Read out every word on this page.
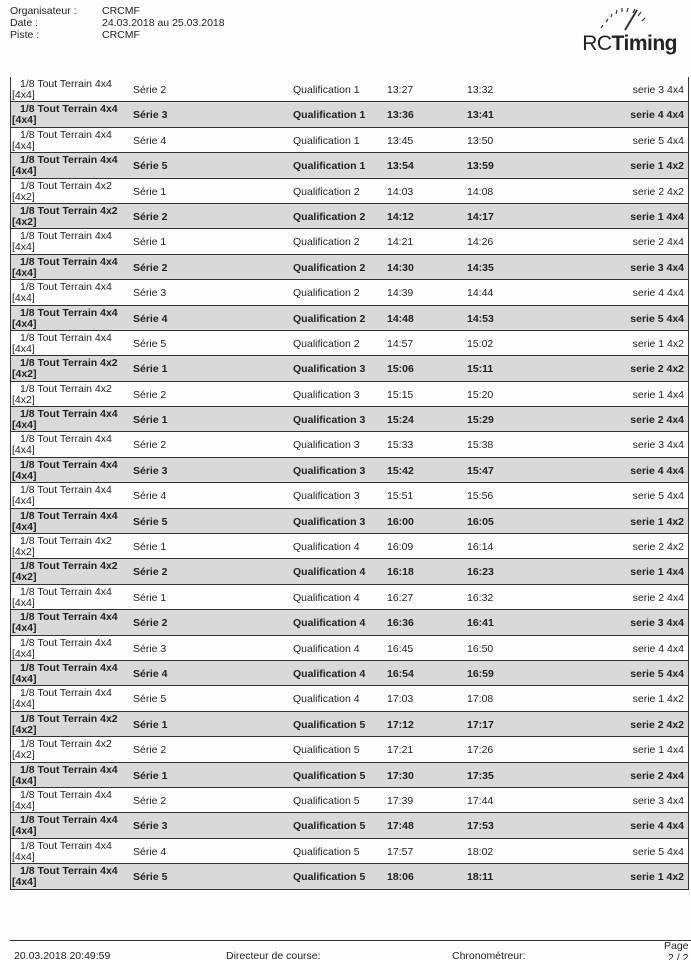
Organisateur :	CRCMF
Date :	24.03.2018 au 25.03.2018
Piste :	CRCMF	RCTiming
1/8 Tout Terrain 4x4
[4x4]	Série 2	Qualification 1	13:27	13:32	serie 3 4x4
1/8 Tout Terrain 4x4
[4x4]	Série 3	Qualification 1 13:36	13:41	serie 4 4x4
1/8 Tout Terrain 4x4
[4x4]	Série 4	Qualification 1	13:45	13:50	serie 5 4x4
1/8 Tout Terrain 4x4
[4x4]	Série 5	Qualification 1 13:54	13:59	serie 1 4x2
1/8 Tout Terrain 4x2
[4x2]	Série 1	Qualification 2	14:03	14:08	serie 2 4x2
1/8 Tout Terrain 4x2
[4x2]	Série 2	Qualification 2 14:12	14:17	serie 1 4x4
1/8 Tout Terrain 4x4
[4x4]	Série 1	Qualification 2	14:21	14:26	serie 2 4x4
1/8 Tout Terrain 4x4
[4x4]	Série 2	Qualification 2 14:30	14:35	serie 3 4x4
1/8 Tout Terrain 4x4
[4x4]	Série 3	Qualification 2	14:39	14:44	serie 4 4x4
1/8 Tout Terrain 4x4
[4x4]	Série 4	Qualification 2 14:48	14:53	serie 5 4x4
1/8 Tout Terrain 4x4
[4x4]	Série 5	Qualification 2	14:57	15:02	serie 1 4x2
1/8 Tout Terrain 4x2
[4x2]	Série 1	Qualification 3 15:06	15:11	serie 2 4x2
1/8 Tout Terrain 4x2
[4x2]	Série 2	Qualification 3	15:15	15:20	serie 1 4x4
1/8 Tout Terrain 4x4
[4x4]	Série 1	Qualification 3 15:24	15:29	serie 2 4x4
1/8 Tout Terrain 4x4
[4x4]	Série 2	Qualification 3	15:33	15:38	serie 3 4x4
1/8 Tout Terrain 4x4
[4x4]	Série 3	Qualification 3 15:42	15:47	serie 4 4x4
1/8 Tout Terrain 4x4
[4x4]	Série 4	Qualification 3	15:51	15:56	serie 5 4x4
1/8 Tout Terrain 4x4
[4x4]	Série 5	Qualification 3 16:00	16:05	serie 1 4x2
1/8 Tout Terrain 4x2
[4x2]	Série 1	Qualification 4	16:09	16:14	serie 2 4x2
1/8 Tout Terrain 4x2
[4x2]	Série 2	Qualification 4 16:18	16:23	serie 1 4x4
1/8 Tout Terrain 4x4
[4x4]	Série 1	Qualification 4	16:27	16:32	serie 2 4x4
1/8 Tout Terrain 4x4
[4x4]	Série 2	Qualification 4 16:36	16:41	serie 3 4x4
1/8 Tout Terrain 4x4
[4x4]	Série 3	Qualification 4	16:45	16:50	serie 4 4x4
1/8 Tout Terrain 4x4
[4x4]	Série 4	Qualification 4 16:54	16:59	serie 5 4x4
1/8 Tout Terrain 4x4
[4x4]	Série 5	Qualification 4	17:03	17:08	serie 1 4x2
1/8 Tout Terrain 4x2
[4x2]	Série 1	Qualification 5 17:12	17:17	serie 2 4x2
1/8 Tout Terrain 4x2
[4x2]	Série 2	Qualification 5	17:21	17:26	serie 1 4x4
1/8 Tout Terrain 4x4
[4x4]	Série 1	Qualification 5 17:30	17:35	serie 2 4x4
1/8 Tout Terrain 4x4
[4x4]	Série 2	Qualification 5	17:39	17:44	serie 3 4x4
1/8 Tout Terrain 4x4
[4x4]	Série 3	Qualification 5 17:48	17:53	serie 4 4x4
1/8 Tout Terrain 4x4
[4x4]	Série 4	Qualification 5	17:57	18:02	serie 5 4x4
1/8 Tout Terrain 4x4
[4x4]	Série 5	Qualification 5 18:06	18:11	serie 1 4x2
20.03.2018 20:49:59	Directeur de course:	Chronométreur:
Page
2 / 2
